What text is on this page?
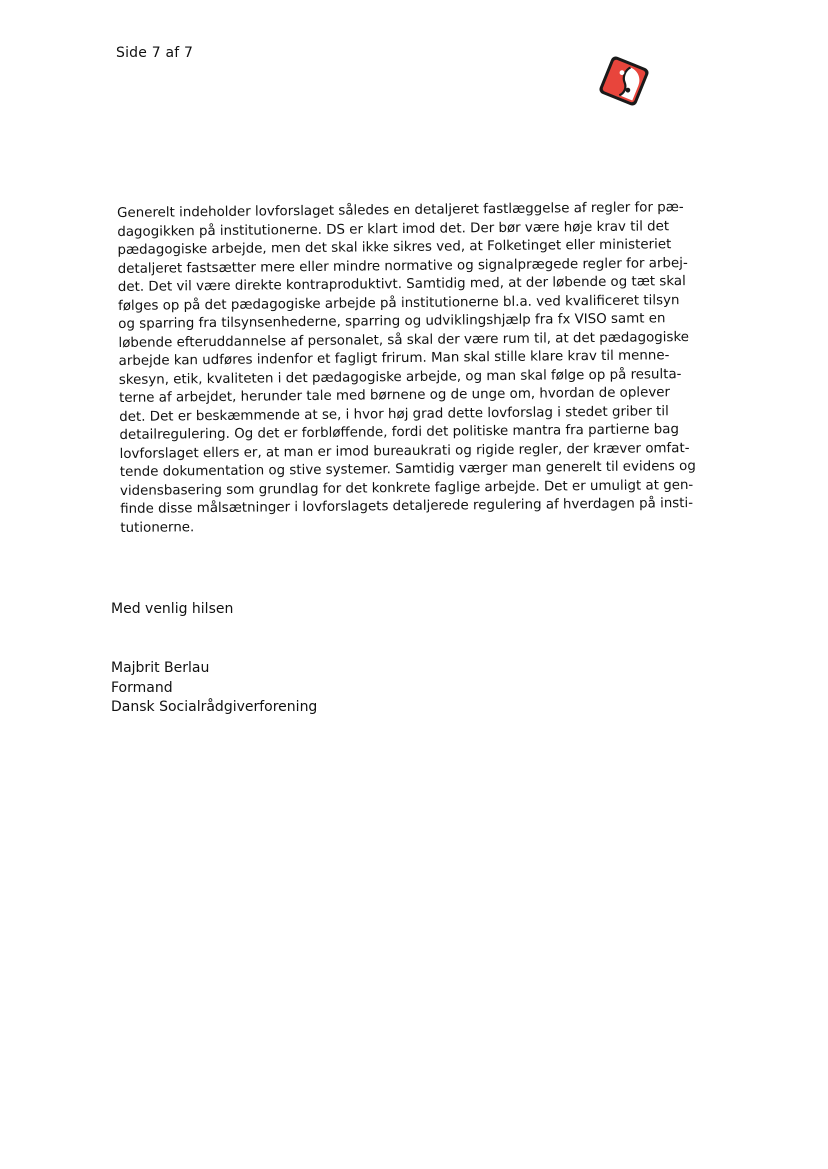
Side 7 af 7
Generelt indeholder lovforslaget således en detaljeret fastlæggelse af regler for pæ-
dagogikken på institutionerne. DS er klart imod det. Der bør være høje krav til det
pædagogiske arbejde, men det skal ikke sikres ved, at Folketinget eller ministeriet
detaljeret fastsætter mere eller mindre normative og signalprægede regler for arbej-
det. Det vil være direkte kontraproduktivt. Samtidig med, at der løbende og tæt skal
følges op på det pædagogiske arbejde på institutionerne bl.a. ved kvalificeret tilsyn
og sparring fra tilsynsenhederne, sparring og udviklingshjælp fra fx VISO samt en
løbende efteruddannelse af personalet, så skal der være rum til, at det pædagogiske
arbejde kan udføres indenfor et fagligt frirum. Man skal stille klare krav til menne-
skesyn, etik, kvaliteten i det pædagogiske arbejde, og man skal følge op på resulta-
terne af arbejdet, herunder tale med børnene og de unge om, hvordan de oplever
det. Det er beskæmmende at se, i hvor høj grad dette lovforslag i stedet griber til
detailregulering. Og det er forbløffende, fordi det politiske mantra fra partierne bag
lovforslaget ellers er, at man er imod bureaukrati og rigide regler, der kræver omfat-
tende dokumentation og stive systemer. Samtidig værger man generelt til evidens og
vidensbasering som grundlag for det konkrete faglige arbejde. Det er umuligt at gen-
finde disse målsætninger i lovforslagets detaljerede regulering af hverdagen på insti-
tutionerne.
Med venlig hilsen
Majbrit Berlau
Formand
Dansk Socialrådgiverforening
